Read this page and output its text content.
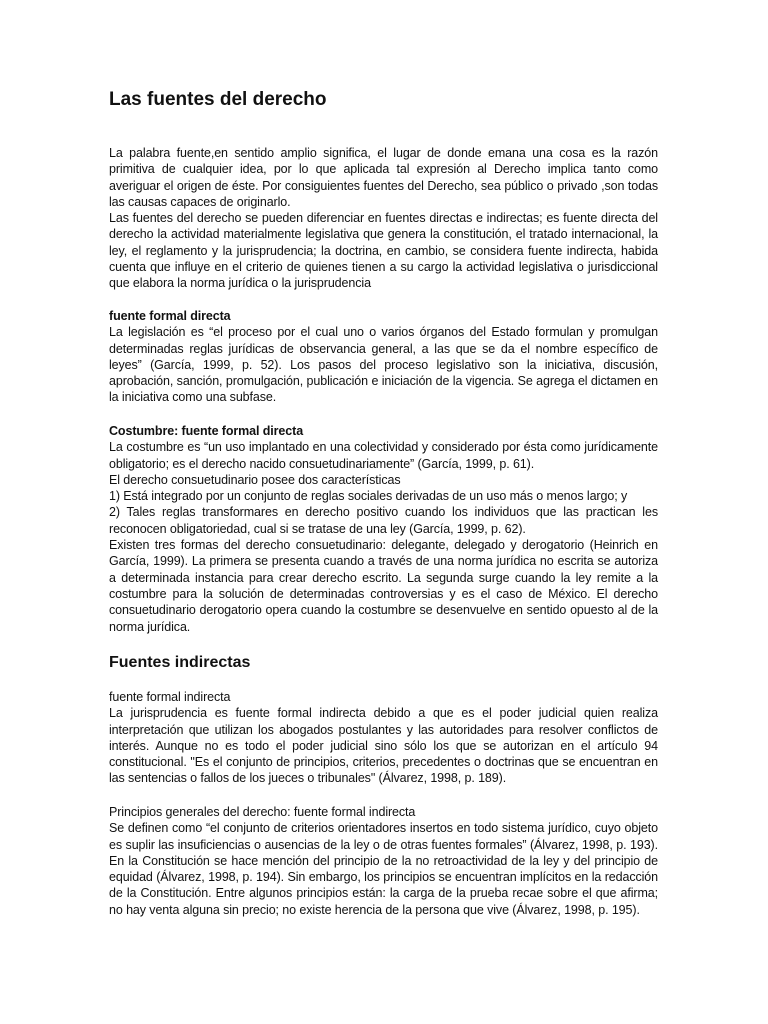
Las fuentes del derecho

La palabra fuente,en sentido amplio significa, el lugar de donde emana una cosa es la razón primitiva de cualquier idea, por lo que aplicada tal expresión al Derecho implica tanto como averiguar el origen de éste. Por consiguientes fuentes del Derecho, sea público o privado ,son todas las causas capaces de originarlo.

Las fuentes del derecho se pueden diferenciar en fuentes directas e indirectas; es fuente directa del derecho la actividad materialmente legislativa que genera la constitución, el tratado internacional, la ley, el reglamento y la jurisprudencia; la doctrina, en cambio, se considera fuente indirecta, habida cuenta que influye en el criterio de quienes tienen a su cargo la actividad legislativa o jurisdiccional que elabora la norma jurídica o la jurisprudencia

fuente formal directa

La legislación es “el proceso por el cual uno o varios órganos del Estado formulan y promulgan determinadas reglas jurídicas de observancia general, a las que se da el nombre específico de leyes” (García, 1999, p. 52). Los pasos del proceso legislativo son la iniciativa, discusión, aprobación, sanción, promulgación, publicación e iniciación de la vigencia. Se agrega el dictamen en la iniciativa como una subfase.

Costumbre: fuente formal directa

La costumbre es “un uso implantado en una colectividad y considerado por ésta como jurídicamente obligatorio; es el derecho nacido consuetudinariamente” (García, 1999, p. 61).

El derecho consuetudinario posee dos características

1) Está integrado por un conjunto de reglas sociales derivadas de un uso más o menos largo; y

2) Tales reglas transformares en derecho positivo cuando los individuos que las practican les reconocen obligatoriedad, cual si se tratase de una ley (García, 1999, p. 62).

Existen tres formas del derecho consuetudinario: delegante, delegado y derogatorio (Heinrich en García, 1999). La primera se presenta cuando a través de una norma jurídica no escrita se autoriza a determinada instancia para crear derecho escrito. La segunda surge cuando la ley remite a la costumbre para la solución de determinadas controversias y es el caso de México. El derecho consuetudinario derogatorio opera cuando la costumbre se desenvuelve en sentido opuesto al de la norma jurídica.

Fuentes indirectas

fuente formal indirecta

La jurisprudencia es fuente formal indirecta debido a que es el poder judicial quien realiza interpretación que utilizan los abogados postulantes y las autoridades para resolver conflictos de interés. Aunque no es todo el poder judicial sino sólo los que se autorizan en el artículo 94 constitucional. "Es el conjunto de principios, criterios, precedentes o doctrinas que se encuentran en las sentencias o fallos de los jueces o tribunales" (Álvarez, 1998, p. 189).

Principios generales del derecho: fuente formal indirecta

Se definen como “el conjunto de criterios orientadores insertos en todo sistema jurídico, cuyo objeto es suplir las insuficiencias o ausencias de la ley o de otras fuentes formales” (Álvarez, 1998, p. 193). En la Constitución se hace mención del principio de la no retroactividad de la ley y del principio de equidad (Álvarez, 1998, p. 194). Sin embargo, los principios se encuentran implícitos en la redacción de la Constitución. Entre algunos principios están: la carga de la prueba recae sobre el que afirma; no hay venta alguna sin precio; no existe herencia de la persona que vive (Álvarez, 1998, p. 195).
